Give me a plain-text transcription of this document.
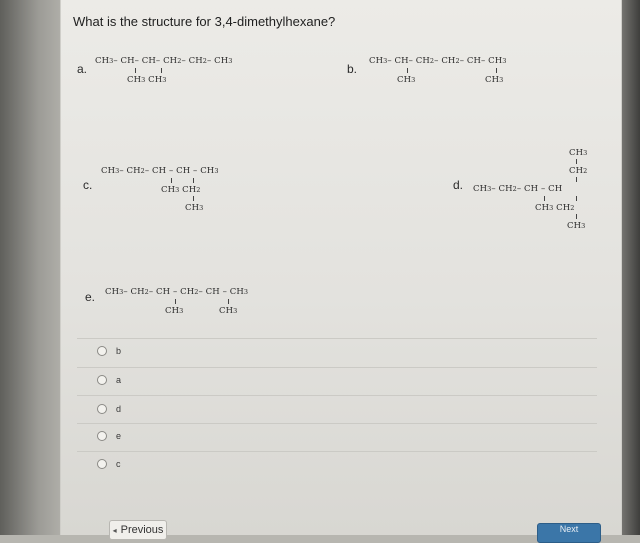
What is the structure for 3,4-dimethylhexane?
a.
CH3– CH– CH– CH2– CH2– CH3
CH3 CH3
b.
CH3– CH– CH2– CH2– CH– CH3
CH3	CH3
c.
CH3– CH2– CH – CH – CH3
CH3 CH2
CH3
d.
CH3
CH2
CH3– CH2– CH – CH
CH3 CH2
CH3
e. CH3– CH2– CH – CH2– CH – CH3
CH3	CH3
b
a
d
e
c
◂ Previous	Next
